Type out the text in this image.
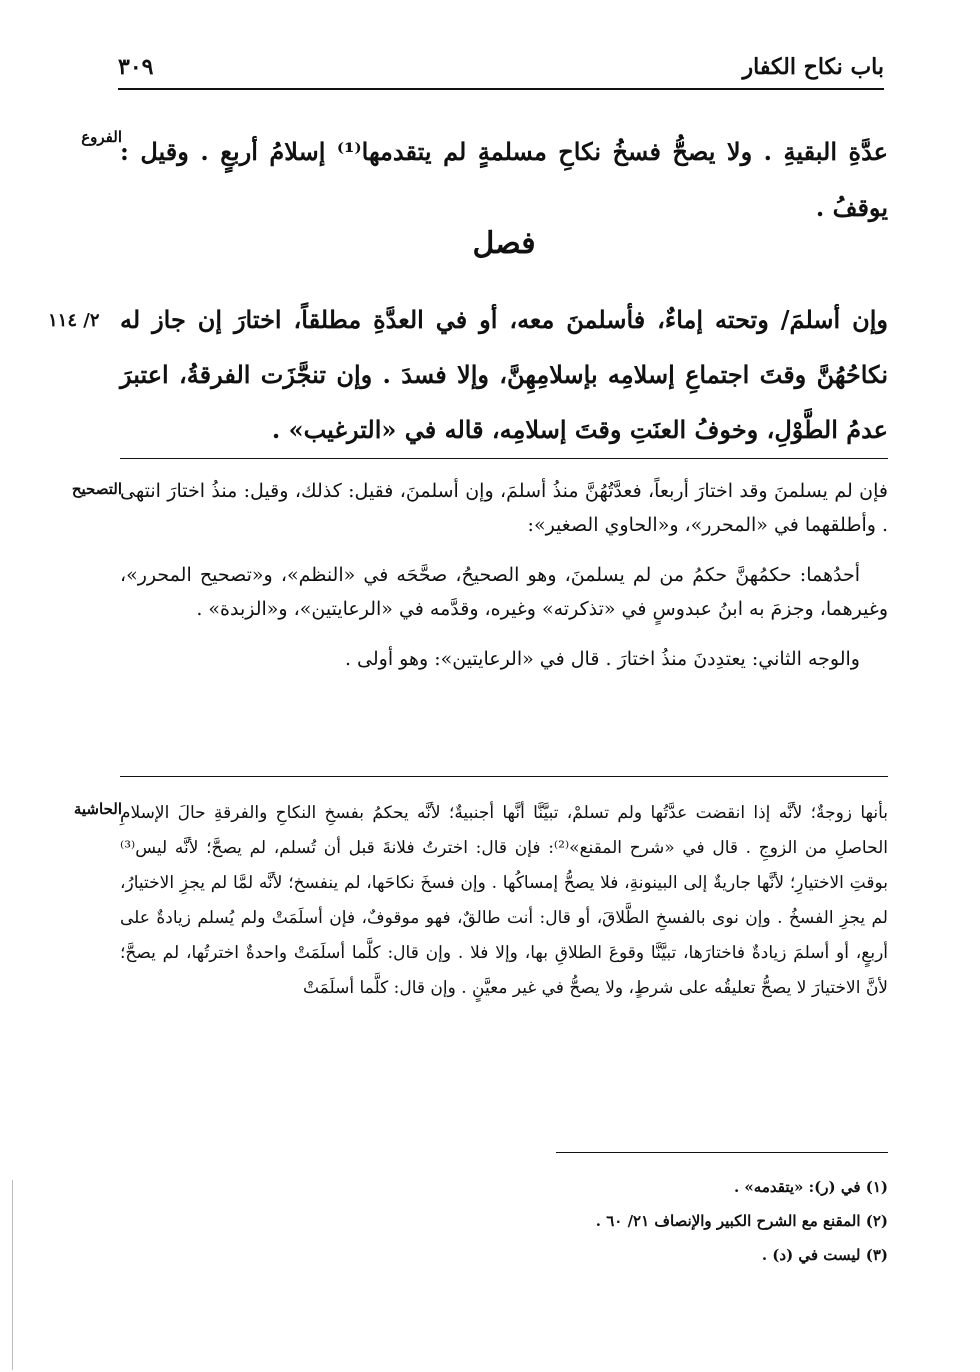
باب نكاح الكفار
٣٠٩
الفروع
عدَّةِ البقيةِ . ولا يصحُّ فسخُ نكاحِ مسلمةٍ لم يتقدمها⁽¹⁾ إسلامُ أربعٍ . وقيل : يوقفُ .
فصل
٢/ ١١٤ وإن أسلمَ/ وتحته إماءٌ، فأسلمنَ معه، أو في العدَّةِ مطلقاً، اختارَ إن جاز له نكاحُهُنَّ وقتَ اجتماعِ إسلامِه بإسلامِهِنَّ، وإلا فسدَ . وإن تنجَّزَت الفرقةُ، اعتبرَ عدمُ الطَّوْلِ، وخوفُ العنَتِ وقتَ إسلامِه، قاله في «الترغيب» .
التصحيح

فإن لم يسلمنَ وقد اختارَ أربعاً، فعدَّتُهُنَّ منذُ أسلمَ، وإن أسلمنَ، فقيل: كذلك، وقيل: منذُ اختارَ انتهى . وأطلقهما في «المحرر»، و«الحاوي الصغير»:

أحدُهما: حكمُهنَّ حكمُ من لم يسلمنَ، وهو الصحيحُ، صحَّحَه في «النظم»، و«تصحيح المحرر»، وغيرهما، وجزمَ به ابنُ عبدوسٍ في «تذكرته» وغيره، وقدَّمه في «الرعايتين»، و«الزبدة» .

والوجه الثاني: يعتدِدنَ منذُ اختارَ . قال في «الرعايتين»: وهو أولى .

الحاشية
بأنها زوجةٌ؛ لأنَّه إذا انقضت عدَّتُها ولم تسلمْ، تبيَّنَّا أنَّها أجنبيةٌ؛ لأنَّه يحكمُ بفسخِ النكاحِ والفرقةِ حالَ الإسلامِ الحاصلِ من الزوجِ . قال في «شرح المقنع»⁽²⁾: فإن قال: اخترتُ فلانةَ قبل أن تُسلم، لم يصحَّ؛ لأنَّه ليس⁽³⁾ بوقتِ الاختيارِ؛ لأنَّها جاريةٌ إلى البينونةِ، فلا يصحُّ إمساكُها . وإن فسخَ نكاحَها، لم ينفسخ؛ لأنَّه لمَّا لم يجزِ الاختيارُ، لم يجزِ الفسخُ . وإن نوى بالفسخِ الطَّلاقَ، أو قال: أنت طالقٌ، فهو موقوفٌ، فإن أسلَمَتْ ولم يُسلم زيادةٌ على أربعٍ، أو أسلمَ زيادةٌ فاختارَها، تبيَّنَّا وقوعَ الطلاقِ بها، وإلا فلا . وإن قال: كلَّما أسلَمَتْ واحدةٌ اخترتُها، لم يصحَّ؛ لأنَّ الاختيارَ لا يصحُّ تعليقُه على شرطٍ، ولا يصحُّ في غير معيَّنٍ . وإن قال: كلَّما أسلَمَتْ
(١) في (ر): «يتقدمه» .
(٢) المقنع مع الشرح الكبير والإنصاف ٢١/ ٦٠ .
(٣) ليست في (د) .
